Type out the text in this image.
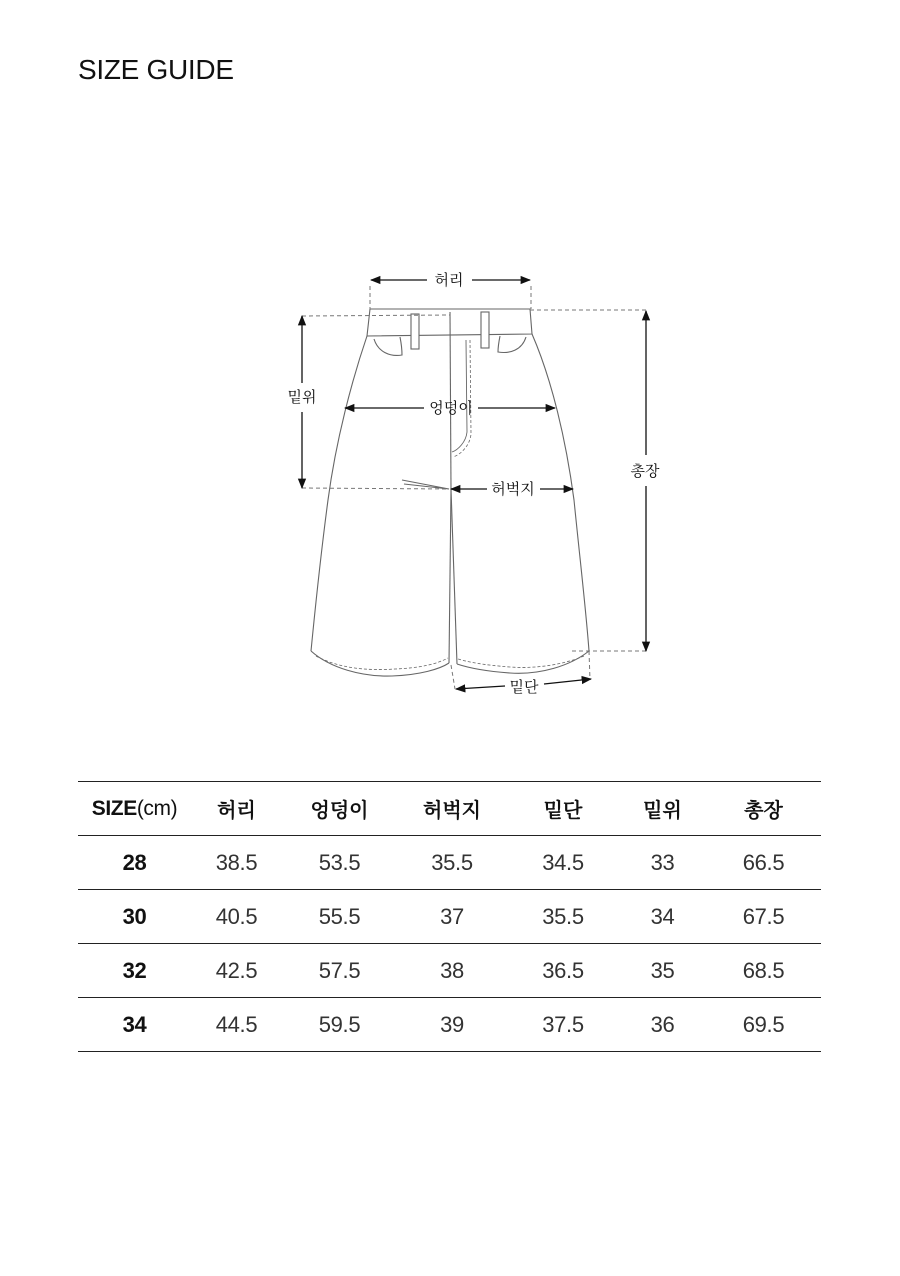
SIZE GUIDE
허리
엉덩이
허벅지
밑위
총장
밑단
SIZE(cm)	허리	엉덩이	허벅지	밑단	밑위	총장
28	38.5	53.5	35.5	34.5	33	66.5
30	40.5	55.5	37	35.5	34	67.5
32	42.5	57.5	38	36.5	35	68.5
34	44.5	59.5	39	37.5	36	69.5
